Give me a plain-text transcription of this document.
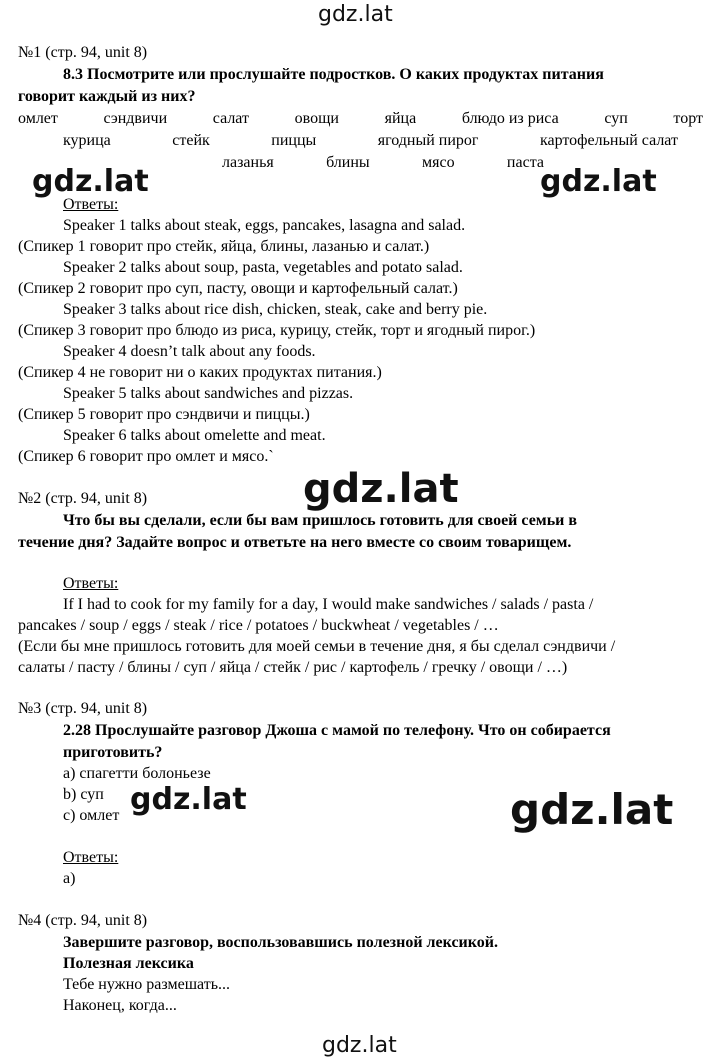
gdz.lat
gdz.lat	gdz.lat
gdz.lat
gdz.lat	gdz.lat
gdz.lat
№1 (стр. 94, unit 8)
8.3 Посмотрите или прослушайте подростков. О каких продуктах питания
говорит каждый из них?
омлет	сэндвичи	салат	овощи	яйца	блюдо из риса	суп	торт
курица	стейк	пиццы	ягодный пирог	картофельный салат
лазанья	блины	мясо	паста
Ответы:
Speaker 1 talks about steak, eggs, pancakes, lasagna and salad.
(Спикер 1 говорит про стейк, яйца, блины, лазанью и салат.)
Speaker 2 talks about soup, pasta, vegetables and potato salad.
(Спикер 2 говорит про суп, пасту, овощи и картофельный салат.)
Speaker 3 talks about rice dish, chicken, steak, cake and berry pie.
(Спикер 3 говорит про блюдо из риса, курицу, стейк, торт и ягодный пирог.)
Speaker 4 doesn’t talk about any foods.
(Спикер 4 не говорит ни о каких продуктах питания.)
Speaker 5 talks about sandwiches and pizzas.
(Спикер 5 говорит про сэндвичи и пиццы.)
Speaker 6 talks about omelette and meat.
(Спикер 6 говорит про омлет и мясо.`
№2 (стр. 94, unit 8)
Что бы вы сделали, если бы вам пришлось готовить для своей семьи в
течение дня? Задайте вопрос и ответьте на него вместе со своим товарищем.
Ответы:
If I had to cook for my family for a day, I would make sandwiches / salads / pasta /
pancakes / soup / eggs / steak / rice / potatoes / buckwheat / vegetables / …
(Если бы мне пришлось готовить для моей семьи в течение дня, я бы сделал сэндвичи /
салаты / пасту / блины / суп / яйца / стейк / рис / картофель / гречку / овощи / …)
№3 (стр. 94, unit 8)
2.28 Прослушайте разговор Джоша с мамой по телефону. Что он собирается
приготовить?
a) спагетти болоньезе
b) суп
c) омлет
Ответы:
a)
№4 (стр. 94, unit 8)
Завершите разговор, воспользовавшись полезной лексикой.
Полезная лексика
Тебе нужно размешать...
Наконец, когда...
